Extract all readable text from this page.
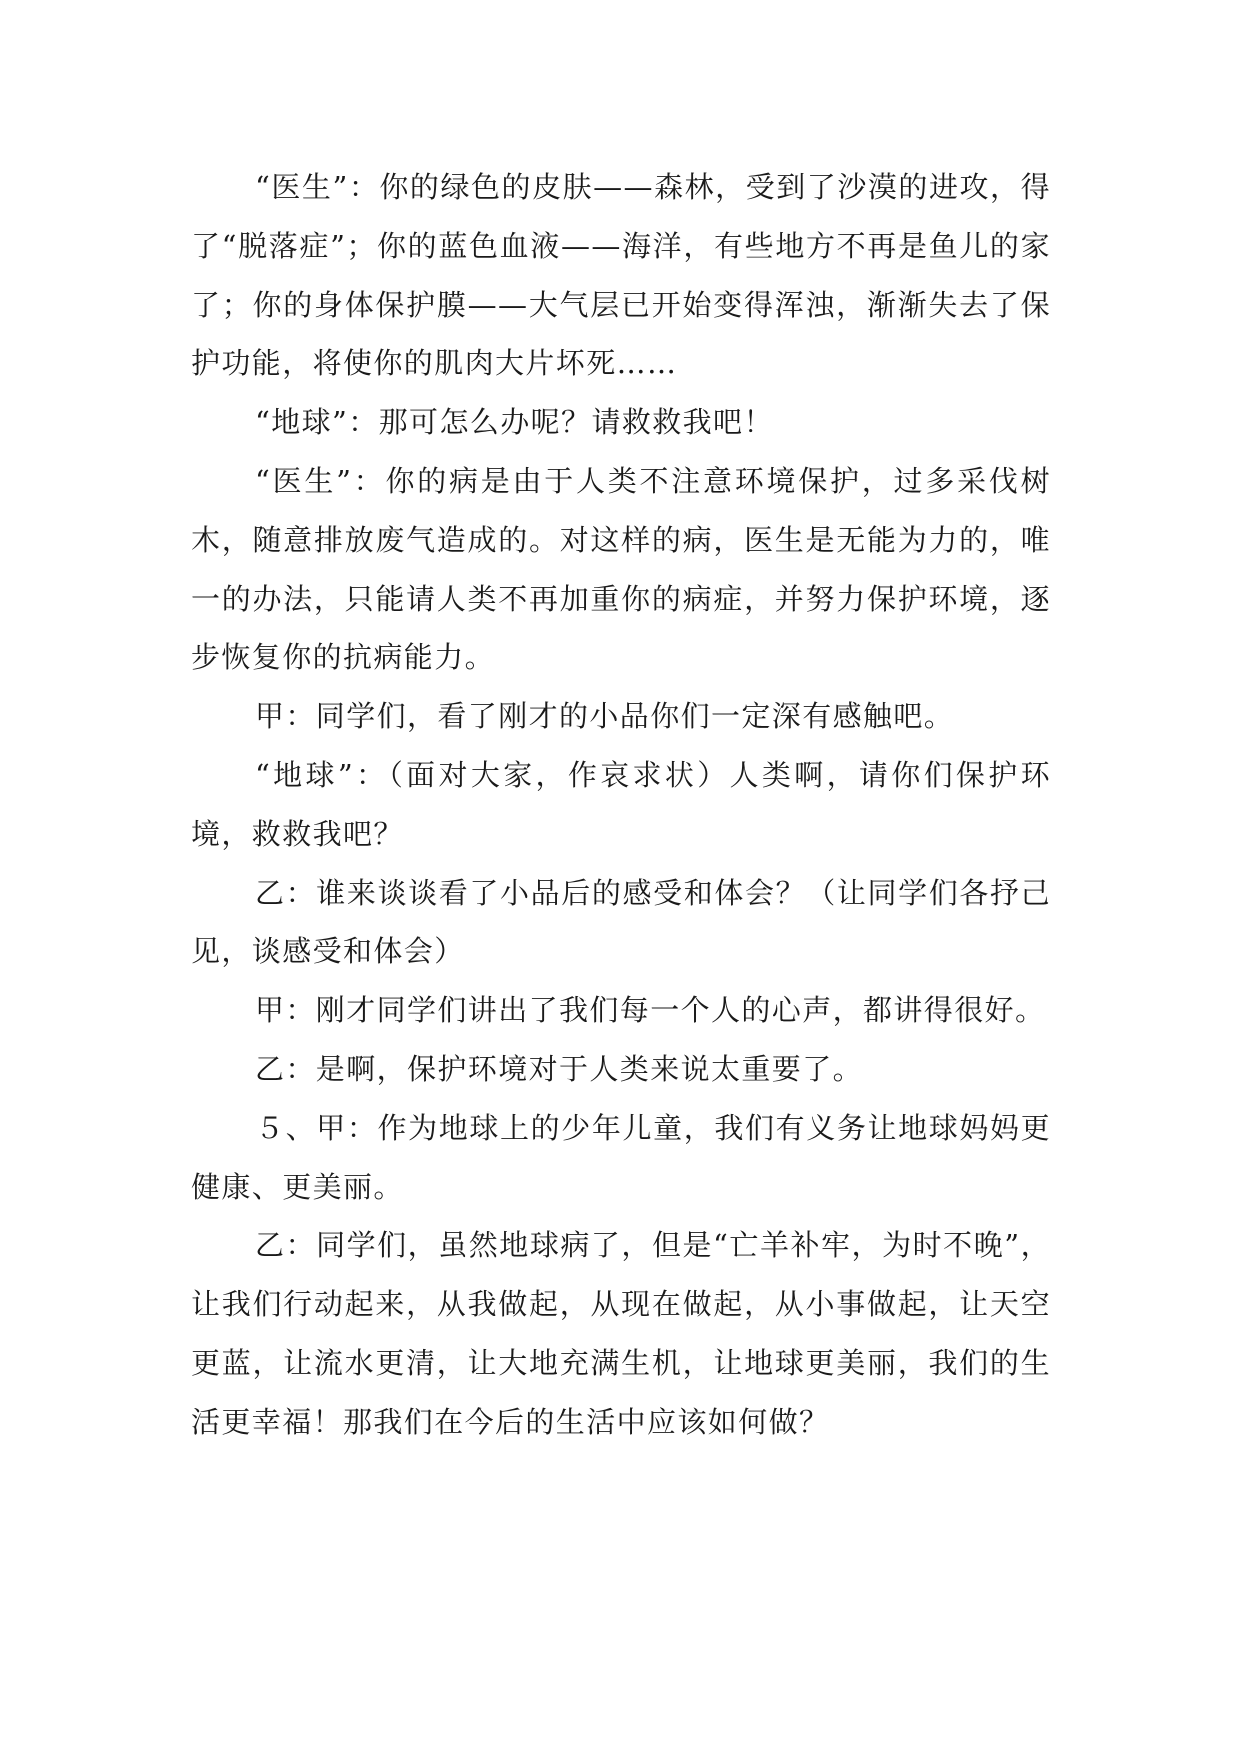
“医生”：你的绿色的皮肤——森林，受到了沙漠的进攻，得了“脱落症”；你的蓝色血液——海洋，有些地方不再是鱼儿的家了；你的身体保护膜——大气层已开始变得浑浊，渐渐失去了保护功能，将使你的肌肉大片坏死……

“地球”：那可怎么办呢？请救救我吧！

“医生”：你的病是由于人类不注意环境保护，过多采伐树木，随意排放废气造成的。对这样的病，医生是无能为力的，唯一的办法，只能请人类不再加重你的病症，并努力保护环境，逐步恢复你的抗病能力。

甲：同学们，看了刚才的小品你们一定深有感触吧。

“地球”：（面对大家，作哀求状）人类啊，请你们保护环境，救救我吧？

乙：谁来谈谈看了小品后的感受和体会？（让同学们各抒己见，谈感受和体会）

甲：刚才同学们讲出了我们每一个人的心声，都讲得很好。

乙：是啊，保护环境对于人类来说太重要了。

５、甲：作为地球上的少年儿童，我们有义务让地球妈妈更健康、更美丽。

乙：同学们，虽然地球病了，但是“亡羊补牢，为时不晚”，让我们行动起来，从我做起，从现在做起，从小事做起，让天空更蓝，让流水更清，让大地充满生机，让地球更美丽，我们的生活更幸福！那我们在今后的生活中应该如何做？
